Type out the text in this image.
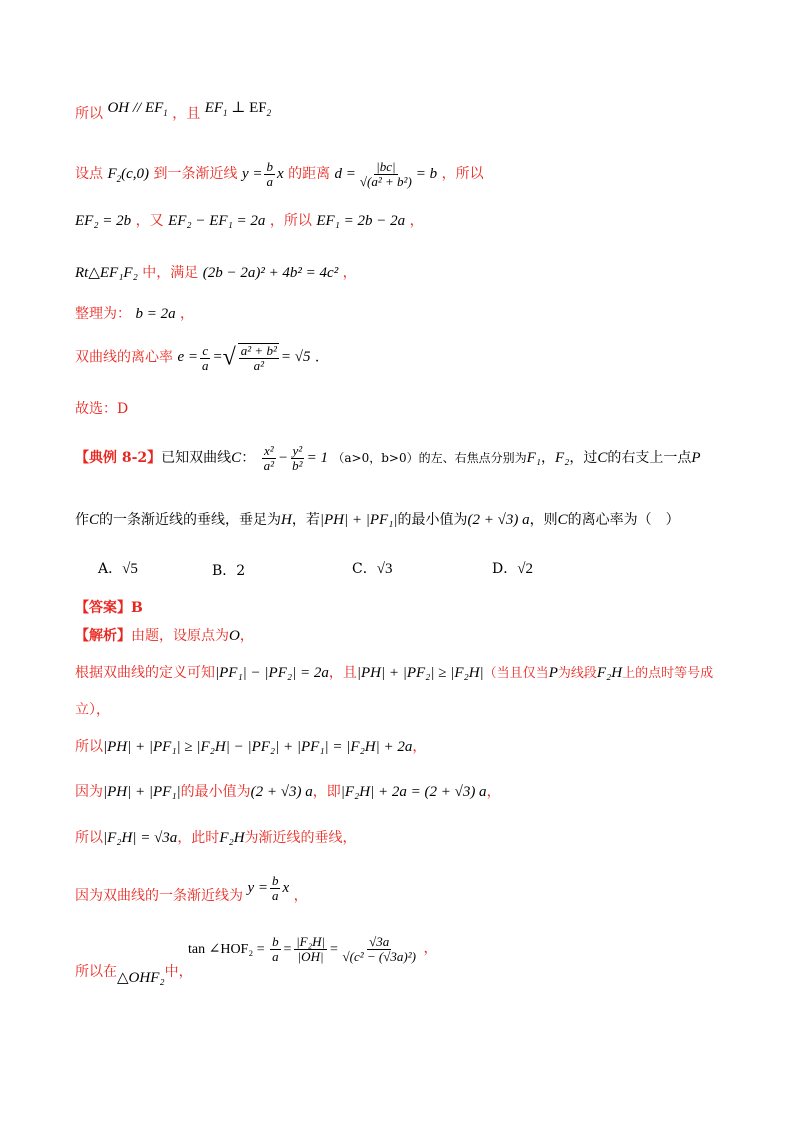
所以 OH // $EF_1$ ，且 $EF_1$ ⊥ $EF_2$
设点 $F_2(c,0)$ 到一条渐近线 $y = \frac{b}{a}$ x 的距离 $d = \frac{|bc|}{\text{√(a² + b²)}} = b$ ，所以
EF₂ = 2b ，又 EF₂ − EF₁ = 2a ，所以 EF₁ = 2b − 2a ，
Rt△EF₁F₂ 中，满足 (2b − 2a)² + 4b² = 4c² ，
整理为： b = 2a ，
双曲线的离心率 $e = \frac{c}{a}$ =√ $\frac{\text{a² + b²}}{\text{a²}} = √5$ .
故选：D
【典例 8-2】已知双曲线C： $\frac{\text{x²}}{\text{a²}} - \frac{\text{y²}}{\text{b²}} = 1$ （a>0，b>0）的左、右焦点分别为F₁，F₂，过C的右支上一点P
作C的一条渐近线的垂线，垂足为H，若|PH| + |PF₁|的最小值为(2 + √3) a，则C的离心率为（　）
A．√5	B．2	C．√3	D．√2
【答案】B
【解析】由题，设原点为O，
根据双曲线的定义可知|PF₁| − |PF₂| = 2a，且|PH| + |PF₂| ≥ |F₂H|（当且仅当P为线段F₂H上的点时等号成
立），
所以|PH| + |PF₁| ≥ |F₂H| − |PF₂| + |PF₁| = |F₂H| + 2a，
因为|PH| + |PF₁|的最小值为(2 + √3) a，即|F₂H| + 2a = (2 + √3) a，
所以|F₂H| = √3a，此时F₂H为渐近线的垂线，
因为双曲线的一条渐近线为 $y = \frac{b}{a}$ x ，
所以在△OHF₂中，
tan ∠HOF₂ = $\frac{b}{a} = \frac{\text{|F₂H|}}{|OH|} = \frac{√3a}{\text{√(c² − (√3a)²)}}$ ，
